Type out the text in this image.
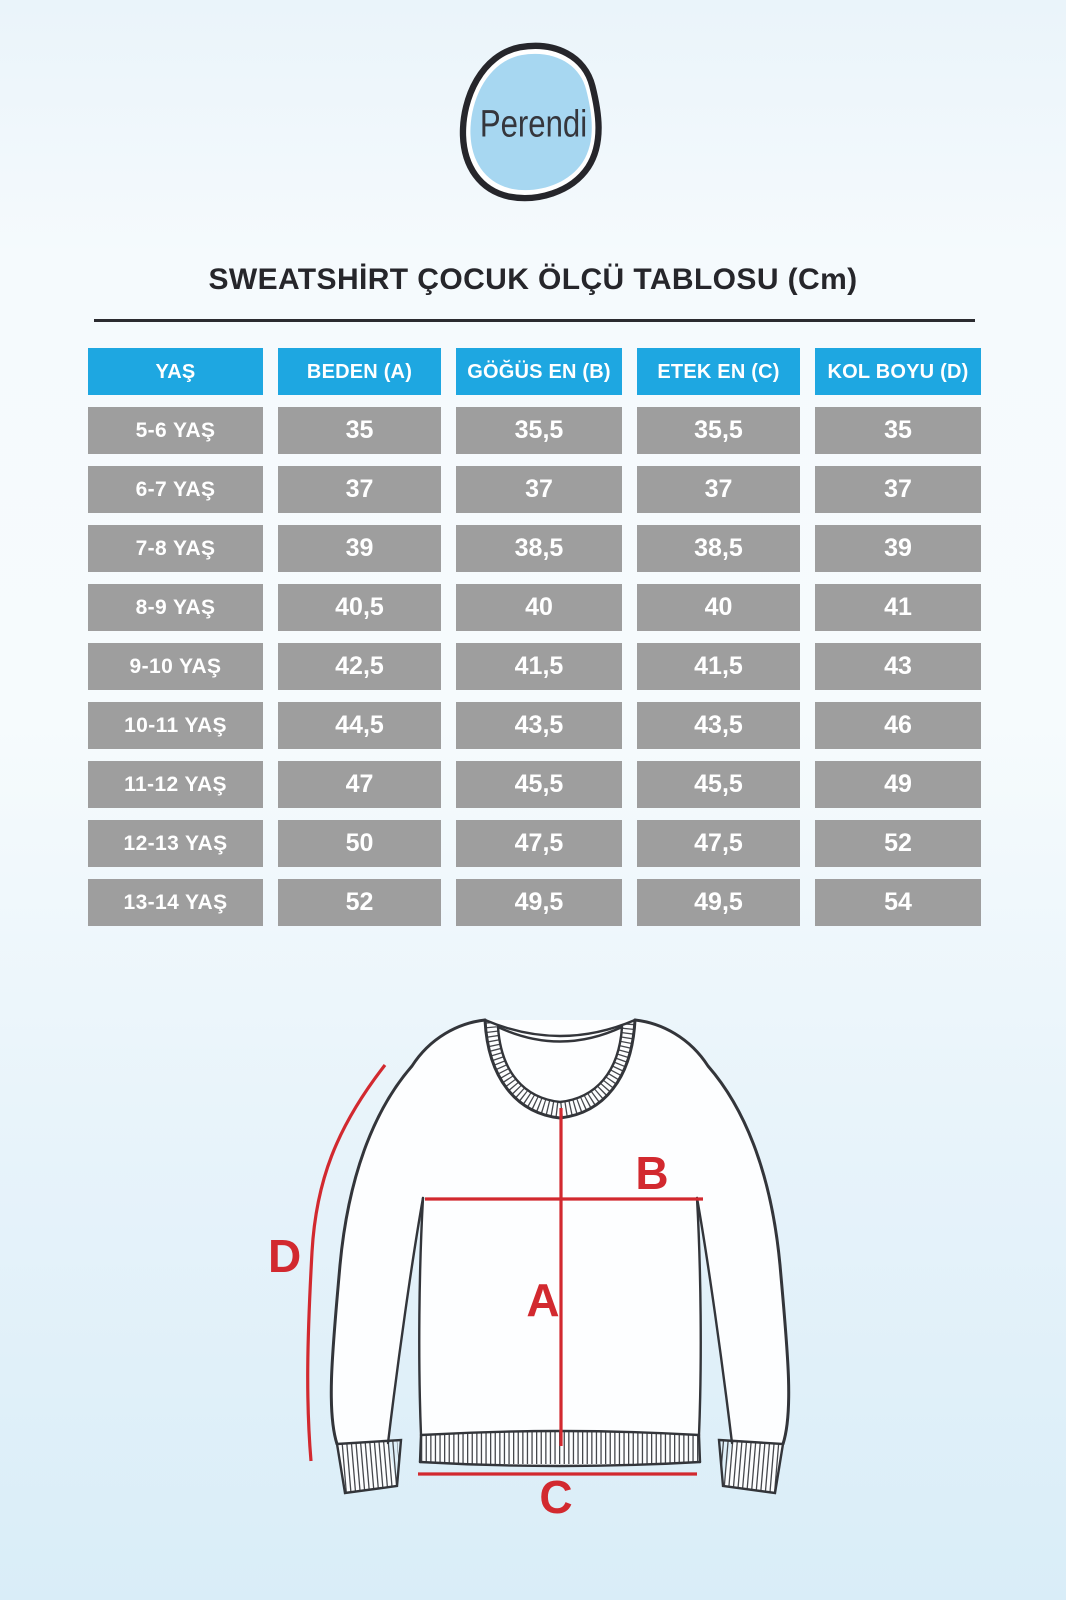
Perendi
SWEATSHİRT ÇOCUK ÖLÇÜ TABLOSU (Cm)
YAŞ	BEDEN (A)	GÖĞÜS EN (B)	ETEK EN (C)	KOL BOYU (D)
5-6 YAŞ	35	35,5	35,5	35
6-7 YAŞ	37	37	37	37
7-8 YAŞ	39	38,5	38,5	39
8-9 YAŞ	40,5	40	40	41
9-10 YAŞ	42,5	41,5	41,5	43
10-11 YAŞ	44,5	43,5	43,5	46
11-12 YAŞ	47	45,5	45,5	49
12-13 YAŞ	50	47,5	47,5	52
13-14 YAŞ	52	49,5	49,5	54
A
B
C
D
